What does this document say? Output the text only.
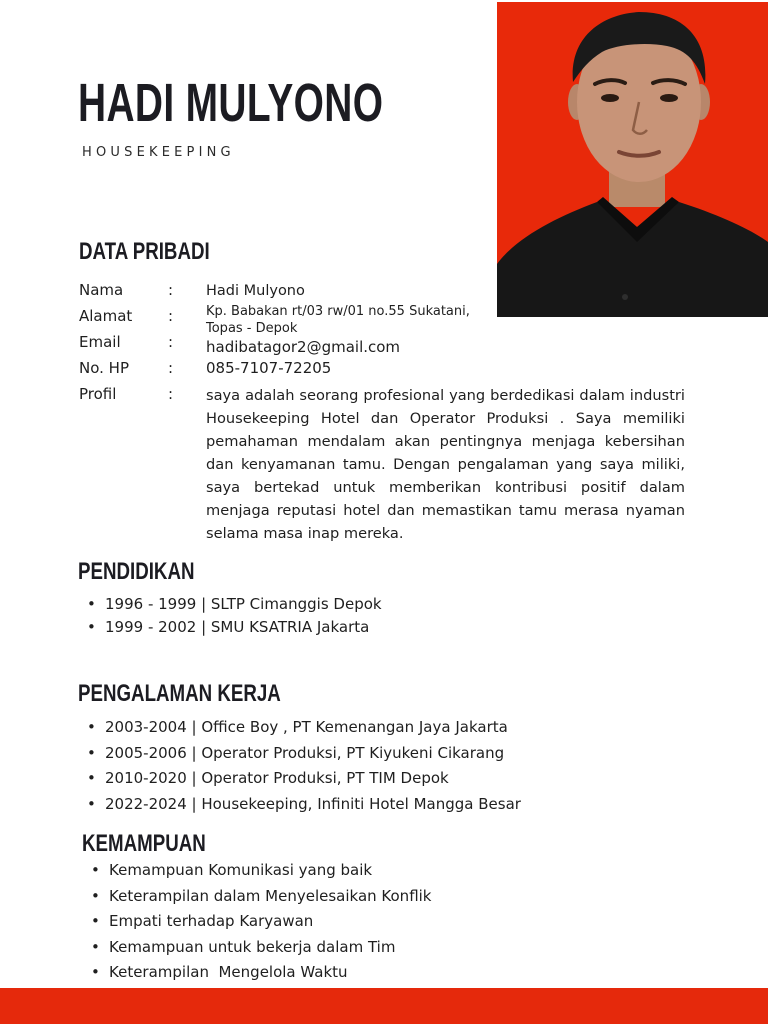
HADI MULYONO

HOUSEKEEPING

DATA PRIBADI
Nama	: Hadi Mulyono
Alamat :	Kp. Babakan rt/03 rw/01 no.55 Sukatani,
Topas - Depok
Email	: hadibatagor2@gmail.com
No. HP	: 085-7107-72205
Profil	: saya adalah seorang profesional yang berdedikasi dalam industri Housekeeping Hotel dan Operator Produksi . Saya memiliki pemahaman mendalam akan pentingnya menjaga kebersihan dan kenyamanan tamu. Dengan pengalaman yang saya miliki, saya bertekad untuk memberikan kontribusi positif dalam menjaga reputasi hotel dan memastikan tamu merasa nyaman selama masa inap mereka.

PENDIDIKAN
• 1996 - 1999 | SLTP Cimanggis Depok
• 1999 - 2002 | SMU KSATRIA Jakarta
PENGALAMAN KERJA
• 2003-2004 | Office Boy , PT Kemenangan Jaya Jakarta
• 2005-2006 | Operator Produksi, PT Kiyukeni Cikarang
• 2010-2020 | Operator Produksi, PT TIM Depok
• 2022-2024 | Housekeeping, Infiniti Hotel Mangga Besar
KEMAMPUAN
• Kemampuan Komunikasi yang baik
• Keterampilan dalam Menyelesaikan Konflik
• Empati terhadap Karyawan
• Kemampuan untuk bekerja dalam Tim
• Keterampilan  Mengelola Waktu
